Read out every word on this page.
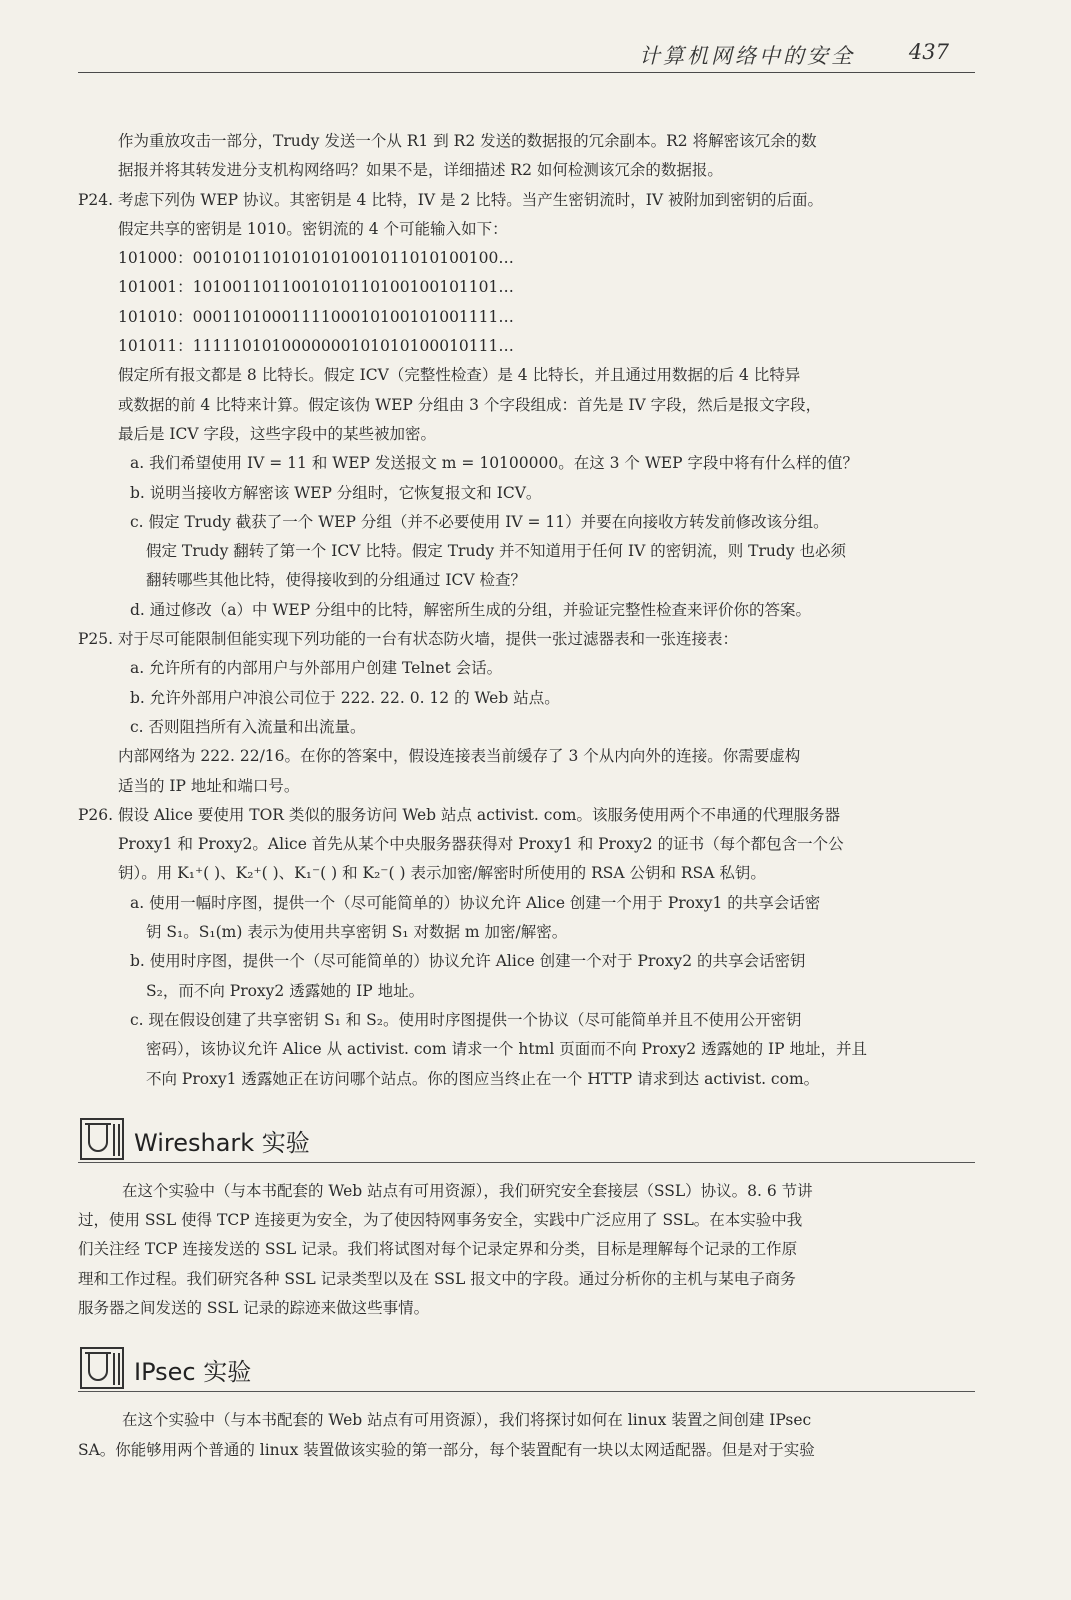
计算机网络中的安全	437
作为重放攻击一部分，Trudy 发送一个从 R1 到 R2 发送的数据报的冗余副本。R2 将解密该冗余的数
据报并将其转发进分支机构网络吗？如果不是，详细描述 R2 如何检测该冗余的数据报。
P24. 考虑下列伪 WEP 协议。其密钥是 4 比特，IV 是 2 比特。当产生密钥流时，IV 被附加到密钥的后面。
假定共享的密钥是 1010。密钥流的 4 个可能输入如下：
101000：0010101101010101001011010100100…
101001：1010011011001010110100100101101…
101010：0001101000111100010100101001111…
101011：1111101010000000101010100010111…
假定所有报文都是 8 比特长。假定 ICV（完整性检查）是 4 比特长，并且通过用数据的后 4 比特异
或数据的前 4 比特来计算。假定该伪 WEP 分组由 3 个字段组成：首先是 IV 字段，然后是报文字段，
最后是 ICV 字段，这些字段中的某些被加密。
a. 我们希望使用 IV = 11 和 WEP 发送报文 m = 10100000。在这 3 个 WEP 字段中将有什么样的值？
b. 说明当接收方解密该 WEP 分组时，它恢复报文和 ICV。
c. 假定 Trudy 截获了一个 WEP 分组（并不必要使用 IV = 11）并要在向接收方转发前修改该分组。
假定 Trudy 翻转了第一个 ICV 比特。假定 Trudy 并不知道用于任何 IV 的密钥流，则 Trudy 也必须
翻转哪些其他比特，使得接收到的分组通过 ICV 检查？
d. 通过修改（a）中 WEP 分组中的比特，解密所生成的分组，并验证完整性检查来评价你的答案。
P25. 对于尽可能限制但能实现下列功能的一台有状态防火墙，提供一张过滤器表和一张连接表：
a. 允许所有的内部用户与外部用户创建 Telnet 会话。
b. 允许外部用户冲浪公司位于 222. 22. 0. 12 的 Web 站点。
c. 否则阻挡所有入流量和出流量。
内部网络为 222. 22/16。在你的答案中，假设连接表当前缓存了 3 个从内向外的连接。你需要虚构
适当的 IP 地址和端口号。
P26. 假设 Alice 要使用 TOR 类似的服务访问 Web 站点 activist. com。该服务使用两个不串通的代理服务器
Proxy1 和 Proxy2。Alice 首先从某个中央服务器获得对 Proxy1 和 Proxy2 的证书（每个都包含一个公
钥）。用 K₁⁺( )、K₂⁺( )、K₁⁻( ) 和 K₂⁻( ) 表示加密/解密时所使用的 RSA 公钥和 RSA 私钥。
a. 使用一幅时序图，提供一个（尽可能简单的）协议允许 Alice 创建一个用于 Proxy1 的共享会话密
钥 S₁。S₁(m) 表示为使用共享密钥 S₁ 对数据 m 加密/解密。
b. 使用时序图，提供一个（尽可能简单的）协议允许 Alice 创建一个对于 Proxy2 的共享会话密钥
S₂，而不向 Proxy2 透露她的 IP 地址。
c. 现在假设创建了共享密钥 S₁ 和 S₂。使用时序图提供一个协议（尽可能简单并且不使用公开密钥
密码），该协议允许 Alice 从 activist. com 请求一个 html 页面而不向 Proxy2 透露她的 IP 地址，并且
不向 Proxy1 透露她正在访问哪个站点。你的图应当终止在一个 HTTP 请求到达 activist. com。
Wireshark 实验
在这个实验中（与本书配套的 Web 站点有可用资源），我们研究安全套接层（SSL）协议。8. 6 节讲
过，使用 SSL 使得 TCP 连接更为安全，为了使因特网事务安全，实践中广泛应用了 SSL。在本实验中我
们关注经 TCP 连接发送的 SSL 记录。我们将试图对每个记录定界和分类，目标是理解每个记录的工作原
理和工作过程。我们研究各种 SSL 记录类型以及在 SSL 报文中的字段。通过分析你的主机与某电子商务
服务器之间发送的 SSL 记录的踪迹来做这些事情。
IPsec 实验
在这个实验中（与本书配套的 Web 站点有可用资源），我们将探讨如何在 linux 装置之间创建 IPsec
SA。你能够用两个普通的 linux 装置做该实验的第一部分，每个装置配有一块以太网适配器。但是对于实验
